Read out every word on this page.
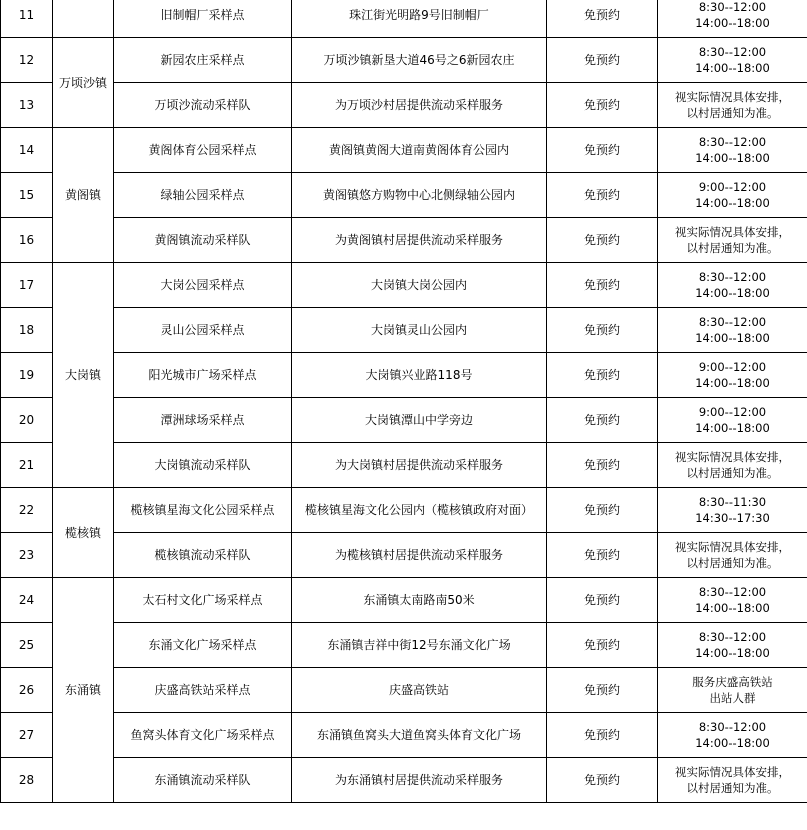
11		旧制帽厂采样点	珠江街光明路9号旧制帽厂	免预约	8:30--12:00
14:00--18:00

12	万顷沙镇	新园农庄采样点	万顷沙镇新垦大道46号之6新园农庄	免预约	8:30--12:00
14:00--18:00

13		万顷沙流动采样队	为万顷沙村居提供流动采样服务	免预约	视实际情况具体安排，
以村居通知为准。

14	黄阁镇	黄阁体育公园采样点	黄阁镇黄阁大道南黄阁体育公园内	免预约	8:30--12:00
14:00--18:00

15		绿轴公园采样点	黄阁镇悠方购物中心北侧绿轴公园内	免预约	9:00--12:00
14:00--18:00

16		黄阁镇流动采样队	为黄阁镇村居提供流动采样服务	免预约	视实际情况具体安排，
以村居通知为准。

17	大岗镇	大岗公园采样点	大岗镇大岗公园内	免预约	8:30--12:00
14:00--18:00

18		灵山公园采样点	大岗镇灵山公园内	免预约	8:30--12:00
14:00--18:00

19		阳光城市广场采样点	大岗镇兴业路118号	免预约	9:00--12:00
14:00--18:00

20		潭洲球场采样点	大岗镇潭山中学旁边	免预约	9:00--12:00
14:00--18:00

21		大岗镇流动采样队	为大岗镇村居提供流动采样服务	免预约	视实际情况具体安排，
以村居通知为准。

22	榄核镇	榄核镇星海文化公园采样点	榄核镇星海文化公园内（榄核镇政府对面）	免预约	8:30--11:30
14:30--17:30

23		榄核镇流动采样队	为榄核镇村居提供流动采样服务	免预约	视实际情况具体安排，
以村居通知为准。

24	东涌镇	太石村文化广场采样点	东涌镇太南路南50米	免预约	8:30--12:00
14:00--18:00

25		东涌文化广场采样点	东涌镇吉祥中街12号东涌文化广场	免预约	8:30--12:00
14:00--18:00

26		庆盛高铁站采样点	庆盛高铁站	免预约	服务庆盛高铁站
出站人群

27		鱼窝头体育文化广场采样点	东涌镇鱼窝头大道鱼窝头体育文化广场	免预约	8:30--12:00
14:00--18:00

28		东涌镇流动采样队	为东涌镇村居提供流动采样服务	免预约	视实际情况具体安排，
以村居通知为准。
